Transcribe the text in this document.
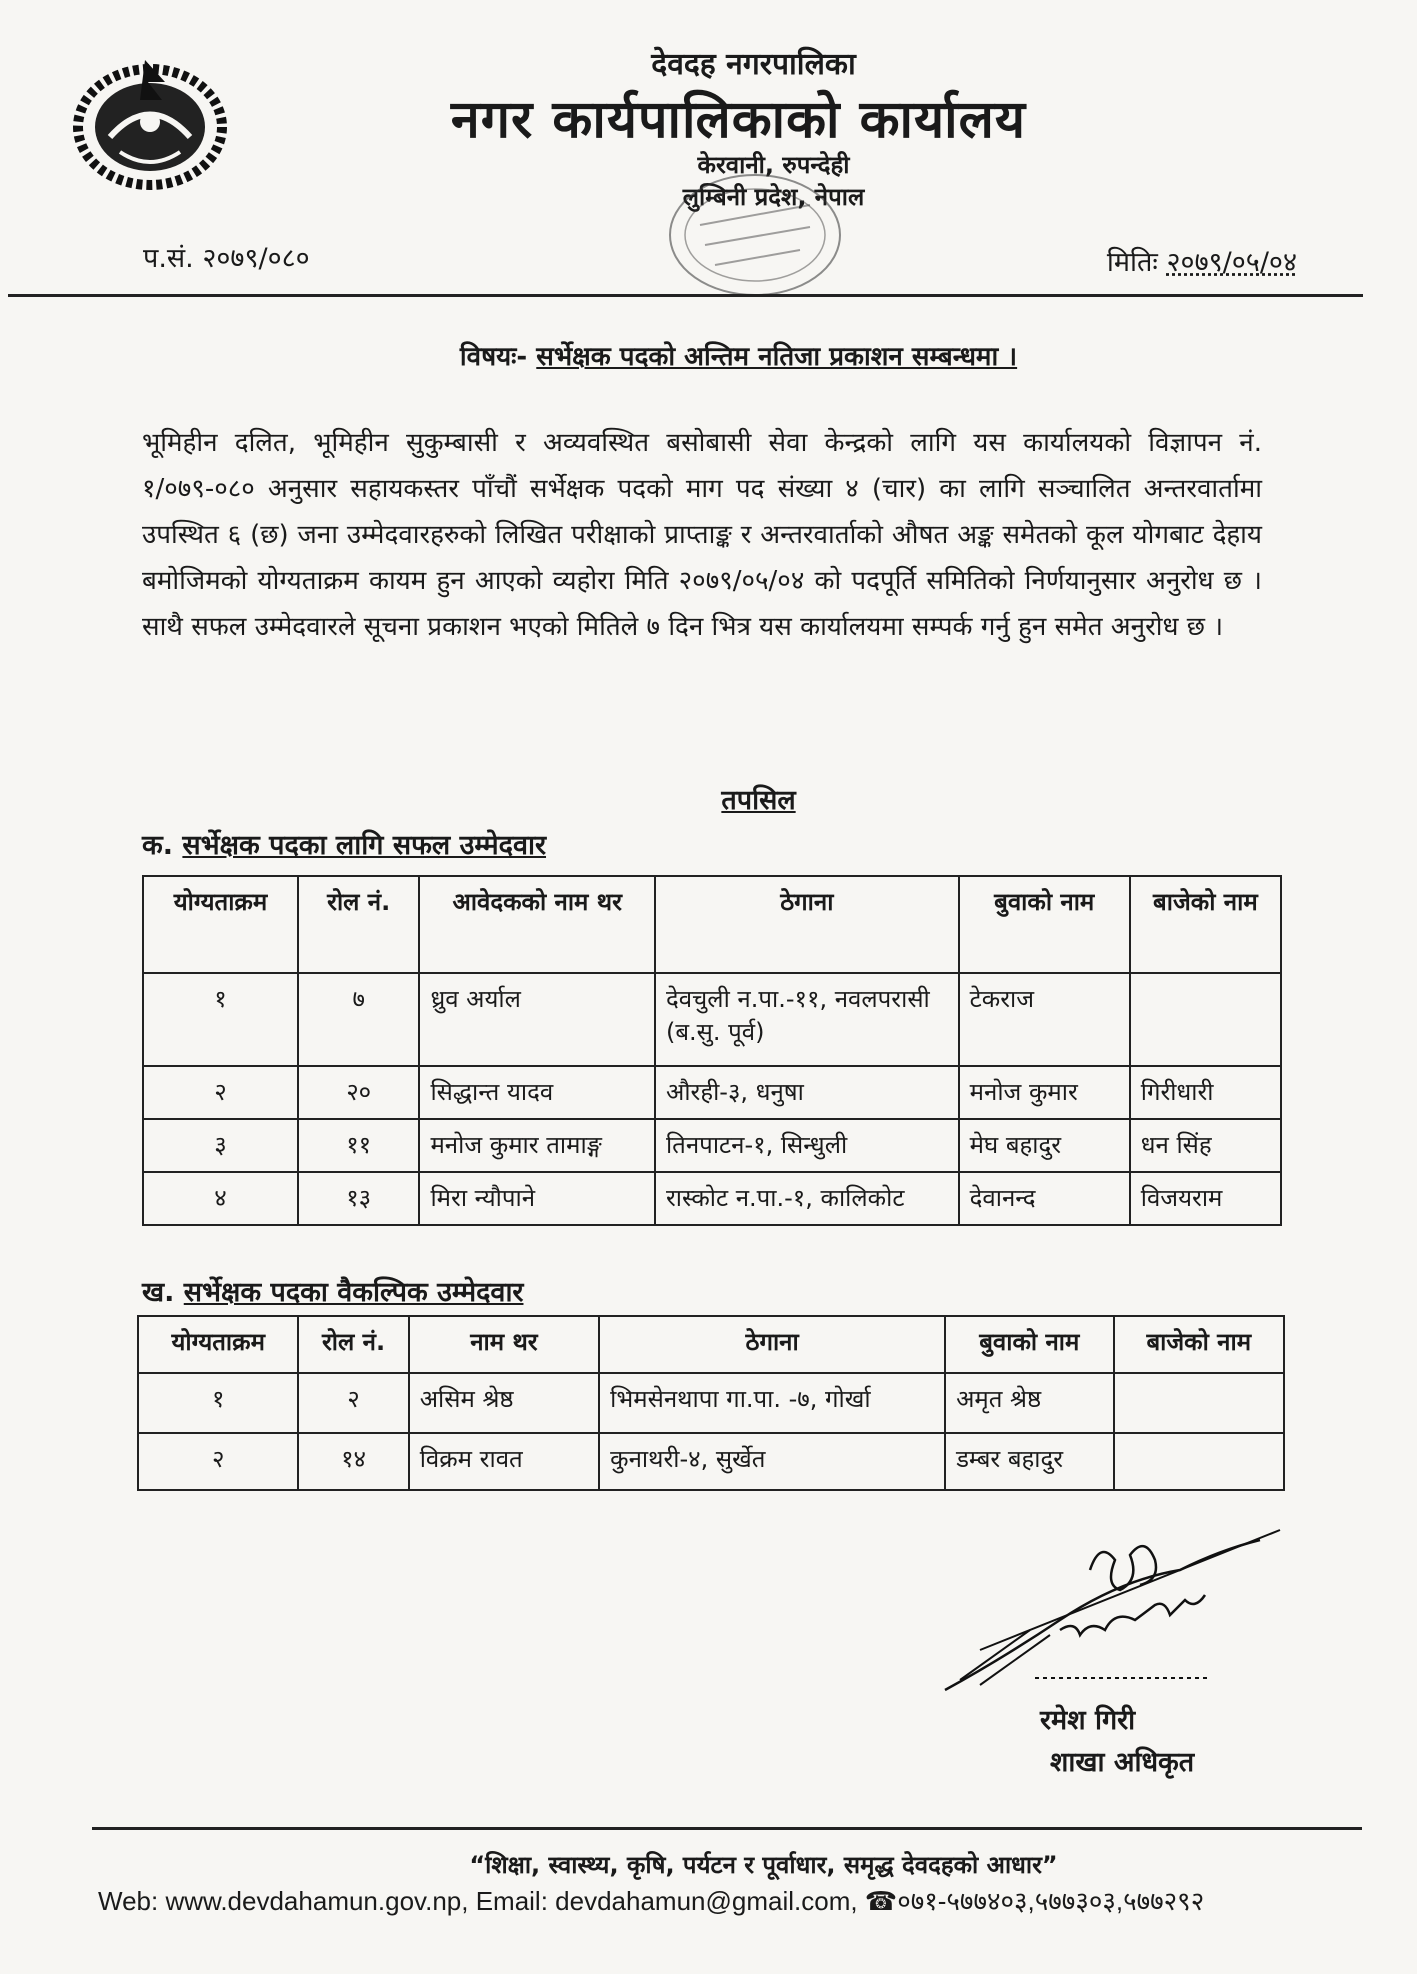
देवदह नगरपालिका
नगर कार्यपालिकाको कार्यालय
केरवानी, रुपन्देही
लुम्बिनी प्रदेश, नेपाल
प.सं. २०७९/०८०	मितिः २०७९/०५/०४
विषयः- सर्भेक्षक पदको अन्तिम नतिजा प्रकाशन सम्बन्धमा ।
भूमिहीन दलित, भूमिहीन सुकुम्बासी र अव्यवस्थित बसोबासी सेवा केन्द्रको लागि यस कार्यालयको विज्ञापन नं. १/०७९-०८० अनुसार सहायकस्तर पाँचौं सर्भेक्षक पदको माग पद संख्या ४ (चार) का लागि सञ्चालित अन्तरवार्तामा उपस्थित ६ (छ) जना उम्मेदवारहरुको लिखित परीक्षाको प्राप्ताङ्क र अन्तरवार्ताको औषत अङ्क समेतको कूल योगबाट देहाय बमोजिमको योग्यताक्रम कायम हुन आएको व्यहोरा मिति २०७९/०५/०४ को पदपूर्ति समितिको निर्णयानुसार अनुरोध छ । साथै सफल उम्मेदवारले सूचना प्रकाशन भएको मितिले ७ दिन भित्र यस कार्यालयमा सम्पर्क गर्नु हुन समेत अनुरोध छ ।
तपसिल
क. सर्भेक्षक पदका लागि सफल उम्मेदवार
योग्यताक्रम	रोल नं.	आवेदकको नाम थर	ठेगाना	बुवाको नाम	बाजेको नाम
१	७	ध्रुव अर्याल	देवचुली न.पा.-११, नवलपरासी (ब.सु. पूर्व)	टेकराज	
२	२०	सिद्धान्त यादव	औरही-३, धनुषा	मनोज कुमार	गिरीधारी
३	११	मनोज कुमार तामाङ्ग	तिनपाटन-१, सिन्धुली	मेघ बहादुर	धन सिंह
४	१३	मिरा न्यौपाने	रास्कोट न.पा.-१, कालिकोट	देवानन्द	विजयराम
ख. सर्भेक्षक पदका वैकल्पिक उम्मेदवार
योग्यताक्रम	रोल नं.	नाम थर	ठेगाना	बुवाको नाम	बाजेको नाम
१	२	असिम श्रेष्ठ	भिमसेनथापा गा.पा. -७, गोर्खा	अमृत श्रेष्ठ	
२	१४	विक्रम रावत	कुनाथरी-४, सुर्खेत	डम्बर बहादुर	
रमेश गिरी
शाखा अधिकृत
“शिक्षा, स्वास्थ्य, कृषि, पर्यटन र पूर्वाधार, समृद्ध देवदहको आधार”
Web: www.devdahamun.gov.np, Email: devdahamun@gmail.com, ☎०७१-५७७४०३,५७७३०३,५७७२९२
